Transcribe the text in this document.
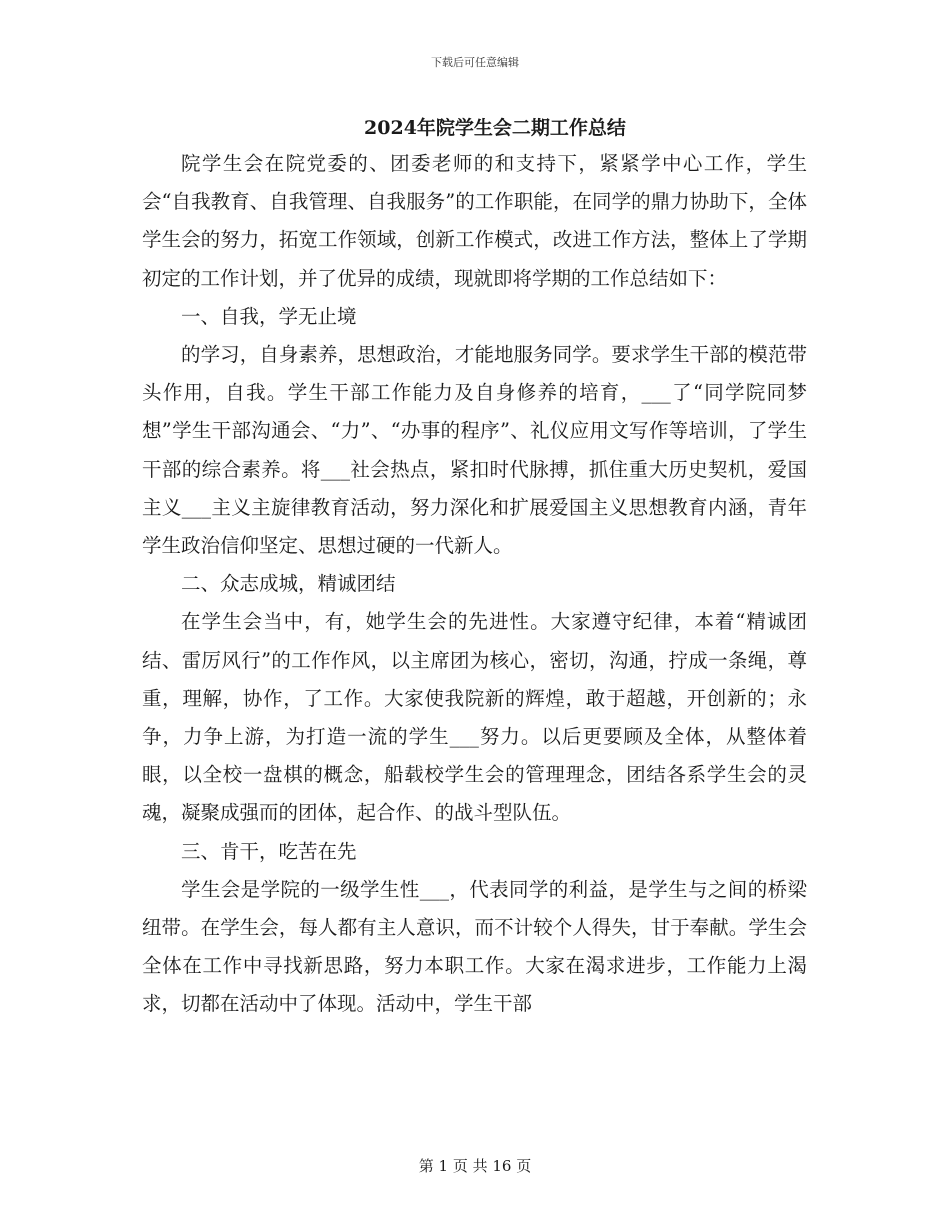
下载后可任意编辑
2024年院学生会二期工作总结

院学生会在院党委的、团委老师的和支持下，紧紧学中心工作，学生会“自我教育、自我管理、自我服务”的工作职能，在同学的鼎力协助下，全体学生会的努力，拓宽工作领域，创新工作模式，改进工作方法，整体上了学期初定的工作计划，并了优异的成绩，现就即将学期的工作总结如下：

一、自我，学无止境

的学习，自身素养，思想政治，才能地服务同学。要求学生干部的模范带头作用，自我。学生干部工作能力及自身修养的培育，___了“同学院同梦想”学生干部沟通会、“力”、“办事的程序”、礼仪应用文写作等培训，了学生干部的综合素养。将___社会热点，紧扣时代脉搏，抓住重大历史契机，爱国主义___主义主旋律教育活动，努力深化和扩展爱国主义思想教育内涵，青年学生政治信仰坚定、思想过硬的一代新人。

二、众志成城，精诚团结

在学生会当中，有，她学生会的先进性。大家遵守纪律，本着“精诚团结、雷厉风行”的工作作风，以主席团为核心，密切，沟通，拧成一条绳，尊重，理解，协作，了工作。大家使我院新的辉煌，敢于超越，开创新的；永争，力争上游，为打造一流的学生___努力。以后更要顾及全体，从整体着眼，以全校一盘棋的概念，船载校学生会的管理理念，团结各系学生会的灵魂，凝聚成强而的团体，起合作、的战斗型队伍。

三、肯干，吃苦在先

学生会是学院的一级学生性___，代表同学的利益，是学生与之间的桥梁纽带。在学生会，每人都有主人意识，而不计较个人得失，甘于奉献。学生会全体在工作中寻找新思路，努力本职工作。大家在渴求进步，工作能力上渴求，切都在活动中了体现。活动中，学生干部

第 1 页 共 16 页
